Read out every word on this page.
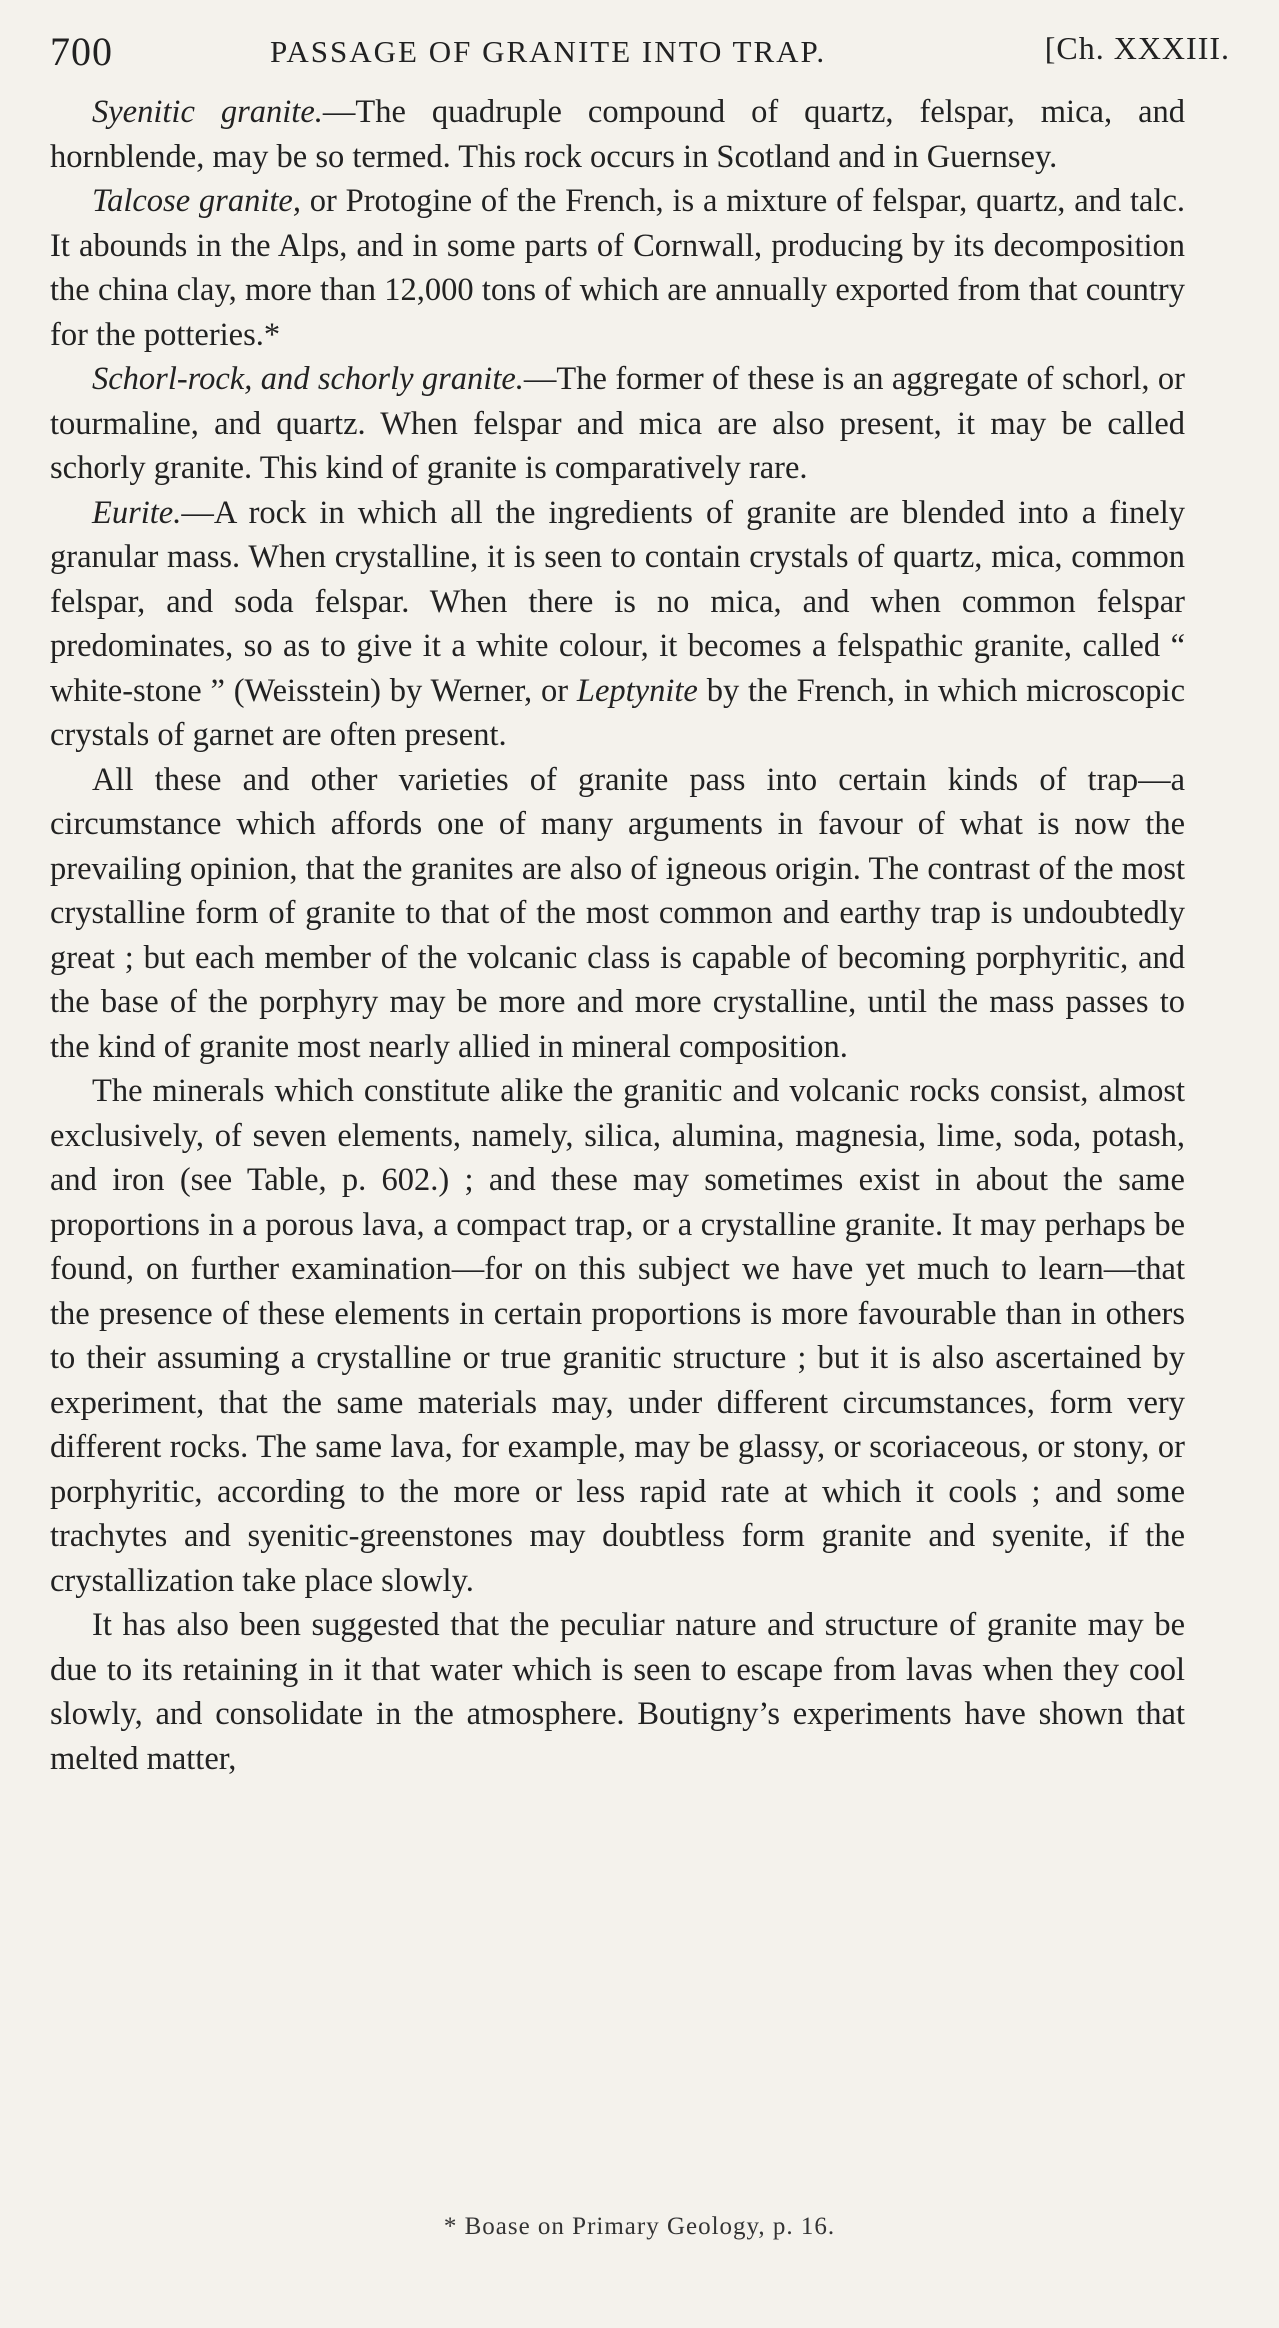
700	PASSAGE OF GRANITE INTO TRAP.	[Ch. XXXIII.

Syenitic granite.—The quadruple compound of quartz, felspar, mica, and hornblende, may be so termed. This rock occurs in Scotland and in Guernsey.

Talcose granite, or Protogine of the French, is a mixture of felspar, quartz, and talc. It abounds in the Alps, and in some parts of Cornwall, producing by its decomposition the china clay, more than 12,000 tons of which are annually exported from that country for the potteries.*

Schorl-rock, and schorly granite.—The former of these is an aggregate of schorl, or tourmaline, and quartz. When felspar and mica are also present, it may be called schorly granite. This kind of granite is comparatively rare.

Eurite.—A rock in which all the ingredients of granite are blended into a finely granular mass. When crystalline, it is seen to contain crystals of quartz, mica, common felspar, and soda felspar. When there is no mica, and when common felspar predominates, so as to give it a white colour, it becomes a felspathic granite, called “ white-stone ” (Weisstein) by Werner, or Leptynite by the French, in which microscopic crystals of garnet are often present.

All these and other varieties of granite pass into certain kinds of trap—a circumstance which affords one of many arguments in favour of what is now the prevailing opinion, that the granites are also of igneous origin. The contrast of the most crystalline form of granite to that of the most common and earthy trap is undoubtedly great ; but each member of the volcanic class is capable of becoming porphyritic, and the base of the porphyry may be more and more crystalline, until the mass passes to the kind of granite most nearly allied in mineral composition.

The minerals which constitute alike the granitic and volcanic rocks consist, almost exclusively, of seven elements, namely, silica, alumina, magnesia, lime, soda, potash, and iron (see Table, p. 602.) ; and these may sometimes exist in about the same proportions in a porous lava, a compact trap, or a crystalline granite. It may perhaps be found, on further examination—for on this subject we have yet much to learn—that the presence of these elements in certain proportions is more favourable than in others to their assuming a crystalline or true granitic structure ; but it is also ascertained by experiment, that the same materials may, under different circumstances, form very different rocks. The same lava, for example, may be glassy, or scoriaceous, or stony, or porphyritic, according to the more or less rapid rate at which it cools ; and some trachytes and syenitic-greenstones may doubtless form granite and syenite, if the crystallization take place slowly.

It has also been suggested that the peculiar nature and structure of granite may be due to its retaining in it that water which is seen to escape from lavas when they cool slowly, and consolidate in the atmosphere. Boutigny’s experiments have shown that melted matter,

* Boase on Primary Geology, p. 16.
